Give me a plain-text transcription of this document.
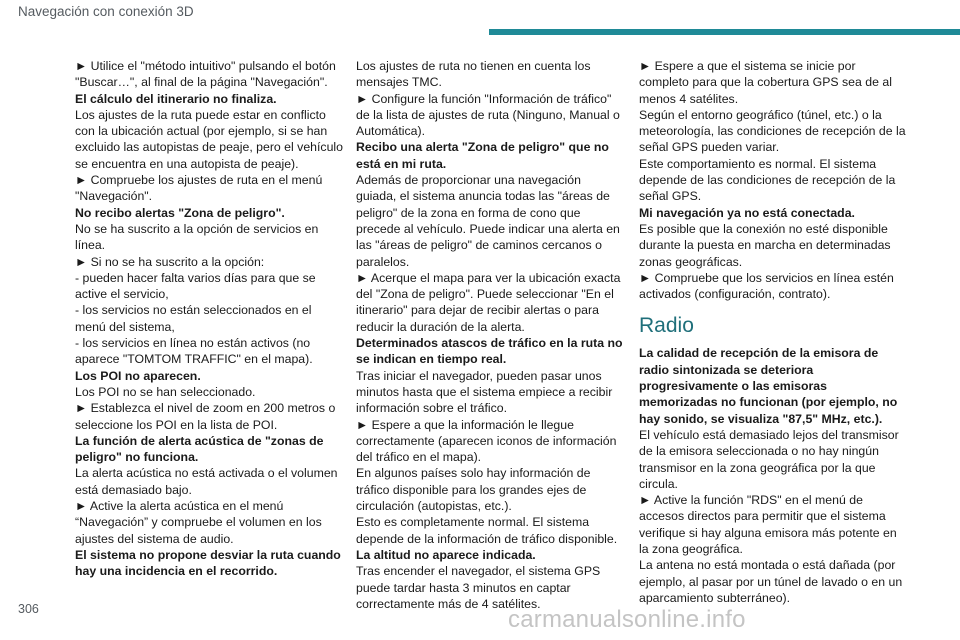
Navegación con conexión 3D
► Utilice el "método intuitivo" pulsando el botón "Buscar…", al final de la página "Navegación".
El cálculo del itinerario no finaliza.
Los ajustes de la ruta puede estar en conflicto con la ubicación actual (por ejemplo, si se han excluido las autopistas de peaje, pero el vehículo se encuentra en una autopista de peaje).
► Compruebe los ajustes de ruta en el menú "Navegación".
No recibo alertas "Zona de peligro".
No se ha suscrito a la opción de servicios en línea.
► Si no se ha suscrito a la opción:
- pueden hacer falta varios días para que se active el servicio,
- los servicios no están seleccionados en el menú del sistema,
- los servicios en línea no están activos (no aparece "TOMTOM TRAFFIC" en el mapa).
Los POI no aparecen.
Los POI no se han seleccionado.
► Establezca el nivel de zoom en 200 metros o seleccione los POI en la lista de POI.
La función de alerta acústica de "zonas de peligro" no funciona.
La alerta acústica no está activada o el volumen está demasiado bajo.
► Active la alerta acústica en el menú “Navegación” y compruebe el volumen en los ajustes del sistema de audio.
El sistema no propone desviar la ruta cuando hay una incidencia en el recorrido.
Los ajustes de ruta no tienen en cuenta los mensajes TMC.
► Configure la función "Información de tráfico" de la lista de ajustes de ruta (Ninguno, Manual o Automática).
Recibo una alerta "Zona de peligro" que no está en mi ruta.
Además de proporcionar una navegación guiada, el sistema anuncia todas las "áreas de peligro" de la zona en forma de cono que precede al vehículo. Puede indicar una alerta en las "áreas de peligro" de caminos cercanos o paralelos.
► Acerque el mapa para ver la ubicación exacta del "Zona de peligro". Puede seleccionar "En el itinerario" para dejar de recibir alertas o para reducir la duración de la alerta.
Determinados atascos de tráfico en la ruta no se indican en tiempo real.
Tras iniciar el navegador, pueden pasar unos minutos hasta que el sistema empiece a recibir información sobre el tráfico.
► Espere a que la información le llegue correctamente (aparecen iconos de información del tráfico en el mapa).
En algunos países solo hay información de tráfico disponible para los grandes ejes de circulación (autopistas, etc.).
Esto es completamente normal. El sistema depende de la información de tráfico disponible.
La altitud no aparece indicada.
Tras encender el navegador, el sistema GPS puede tardar hasta 3 minutos en captar correctamente más de 4 satélites.
► Espere a que el sistema se inicie por completo para que la cobertura GPS sea de al menos 4 satélites.
Según el entorno geográfico (túnel, etc.) o la meteorología, las condiciones de recepción de la señal GPS pueden variar.
Este comportamiento es normal. El sistema depende de las condiciones de recepción de la señal GPS.
Mi navegación ya no está conectada.
Es posible que la conexión no esté disponible durante la puesta en marcha en determinadas zonas geográficas.
► Compruebe que los servicios en línea estén activados (configuración, contrato).
Radio
La calidad de recepción de la emisora de radio sintonizada se deteriora progresivamente o las emisoras memorizadas no funcionan (por ejemplo, no hay sonido, se visualiza "87,5" MHz, etc.).
El vehículo está demasiado lejos del transmisor de la emisora seleccionada o no hay ningún transmisor en la zona geográfica por la que circula.
► Active la función "RDS" en el menú de accesos directos para permitir que el sistema verifique si hay alguna emisora más potente en la zona geográfica.
La antena no está montada o está dañada (por ejemplo, al pasar por un túnel de lavado o en un aparcamiento subterráneo).
306	carmanualsonline.info
